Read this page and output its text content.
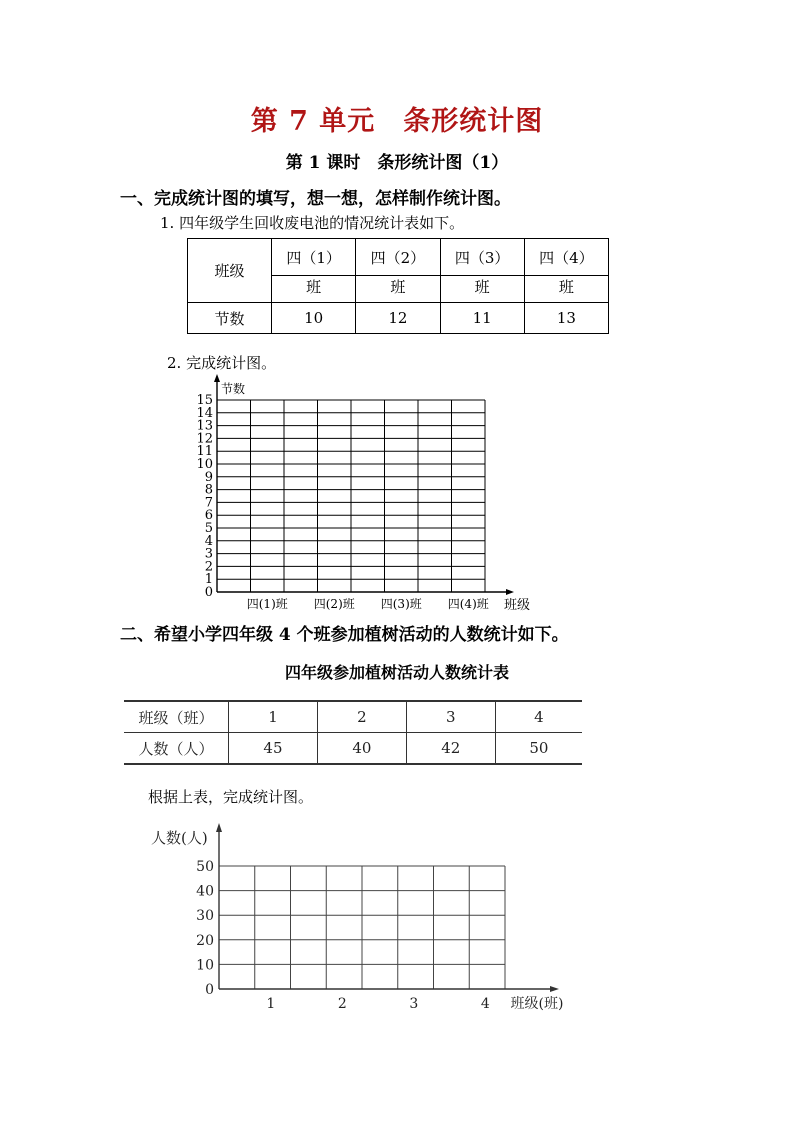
第 7 单元　条形统计图
第 1 课时　条形统计图（1）
一、完成统计图的填写，想一想，怎样制作统计图。
1. 四年级学生回收废电池的情况统计表如下。
班级	四（1）	四（2）	四（3）	四（4）
	班	班	班	班
节数	10	12	11	13
2. 完成统计图。
二、希望小学四年级 4 个班参加植树活动的人数统计如下。
四年级参加植树活动人数统计表
班级（班）	1	2	3	4
人数（人）	45	40	42	50
根据上表，完成统计图。
0
1
2
3
4
5
6
7
8
9
10
11
12
13
14
15
四(1)班 四(2)班 四(3)班 四(4)班 班级
节数
0
10
20
30
40
50
1	2	3	4 班级(班)
人数(人)
